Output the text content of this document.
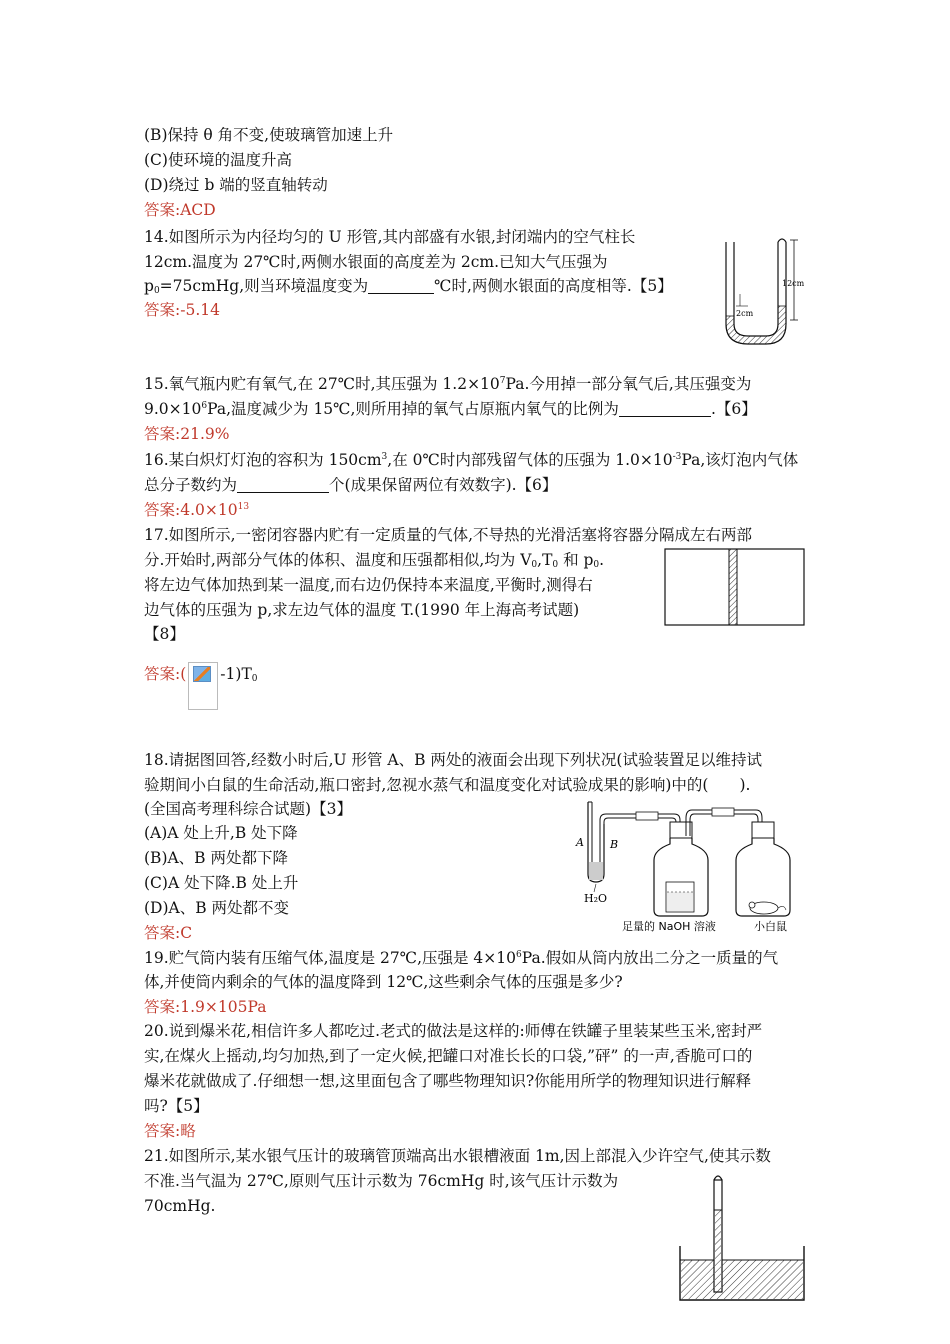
(B)保持 θ 角不变,使玻璃管加速上升
(C)使环境的温度升高
(D)绕过 b 端的竖直轴转动
答案:ACD
14.如图所示为内径均匀的 U 形管,其内部盛有水银,封闭端内的空气柱长
12cm.温度为 27℃时,两侧水银面的高度差为 2cm.已知大气压强为
$p_0=75cmHg$,则当环境温度变为	℃时,两侧水银面的高度相等.【5】
答案:-5.14
12cm
2cm
15.氧气瓶内贮有氧气,在 27℃时,其压强为 $1.2\times 10^7Pa$.今用掉一部分氧气后,其压强变为
$9.0\times 10^6Pa$,温度减少为 15℃,则所用掉的氧气占原瓶内氧气的比例为	.【6】
答案:21.9%
16.某白炽灯灯泡的容积为 $150cm^3$,在 0℃时内部残留气体的压强为 $1.0\times 10^{-3}Pa$,该灯泡内气体
总分子数约为	个(成果保留两位有效数字).【6】
答案$:4.0\times 10^{13}$
17.如图所示,一密闭容器内贮有一定质量的气体,不导热的光滑活塞将容器分隔成左右两部
分.开始时,两部分气体的体积、温度和压强都相似,均为 $V_0,T_0$ 和 $p_0$.
将左边气体加热到某一温度,而右边仍保持本来温度,平衡时,测得右
边气体的压强为 p,求左边气体的温度 T.(1990 年上海高考试题)
【8】
答案:( $-1)T_0$
18.请据图回答,经数小时后,U 形管 A、B 两处的液面会出现下列状况(试验装置足以维持试
验期间小白鼠的生命活动,瓶口密封,忽视水蒸气和温度变化对试验成果的影响)中的(　　).
(全国高考理科综合试题)【3】
(A)A 处上升,B 处下降
(B)A、B 两处都下降
(C)A 处下降.B 处上升
(D)A、B 两处都不变
答案:C
A B
H₂O
足量的 NaOH 溶液	小白鼠
19.贮气筒内装有压缩气体,温度是 27℃,压强是 $4\times 10^6Pa$.假如从筒内放出二分之一质量的气
体,并使筒内剩余的气体的温度降到 12℃,这些剩余气体的压强是多少?
答案:1.9×105Pa
20.说到爆米花,相信许多人都吃过.老式的做法是这样的:师傅在铁罐子里装某些玉米,密封严
实,在煤火上摇动,均匀加热,到了一定火候,把罐口对准长长的口袋,”砰” 的一声,香脆可口的
爆米花就做成了.仔细想一想,这里面包含了哪些物理知识?你能用所学的物理知识进行解释
吗?【5】
答案:略
21.如图所示,某水银气压计的玻璃管顶端高出水银槽液面 1m,因上部混入少许空气,使其示数
不准.当气温为 27℃,原则气压计示数为 76cmHg 时,该气压计示数为
70cmHg.
